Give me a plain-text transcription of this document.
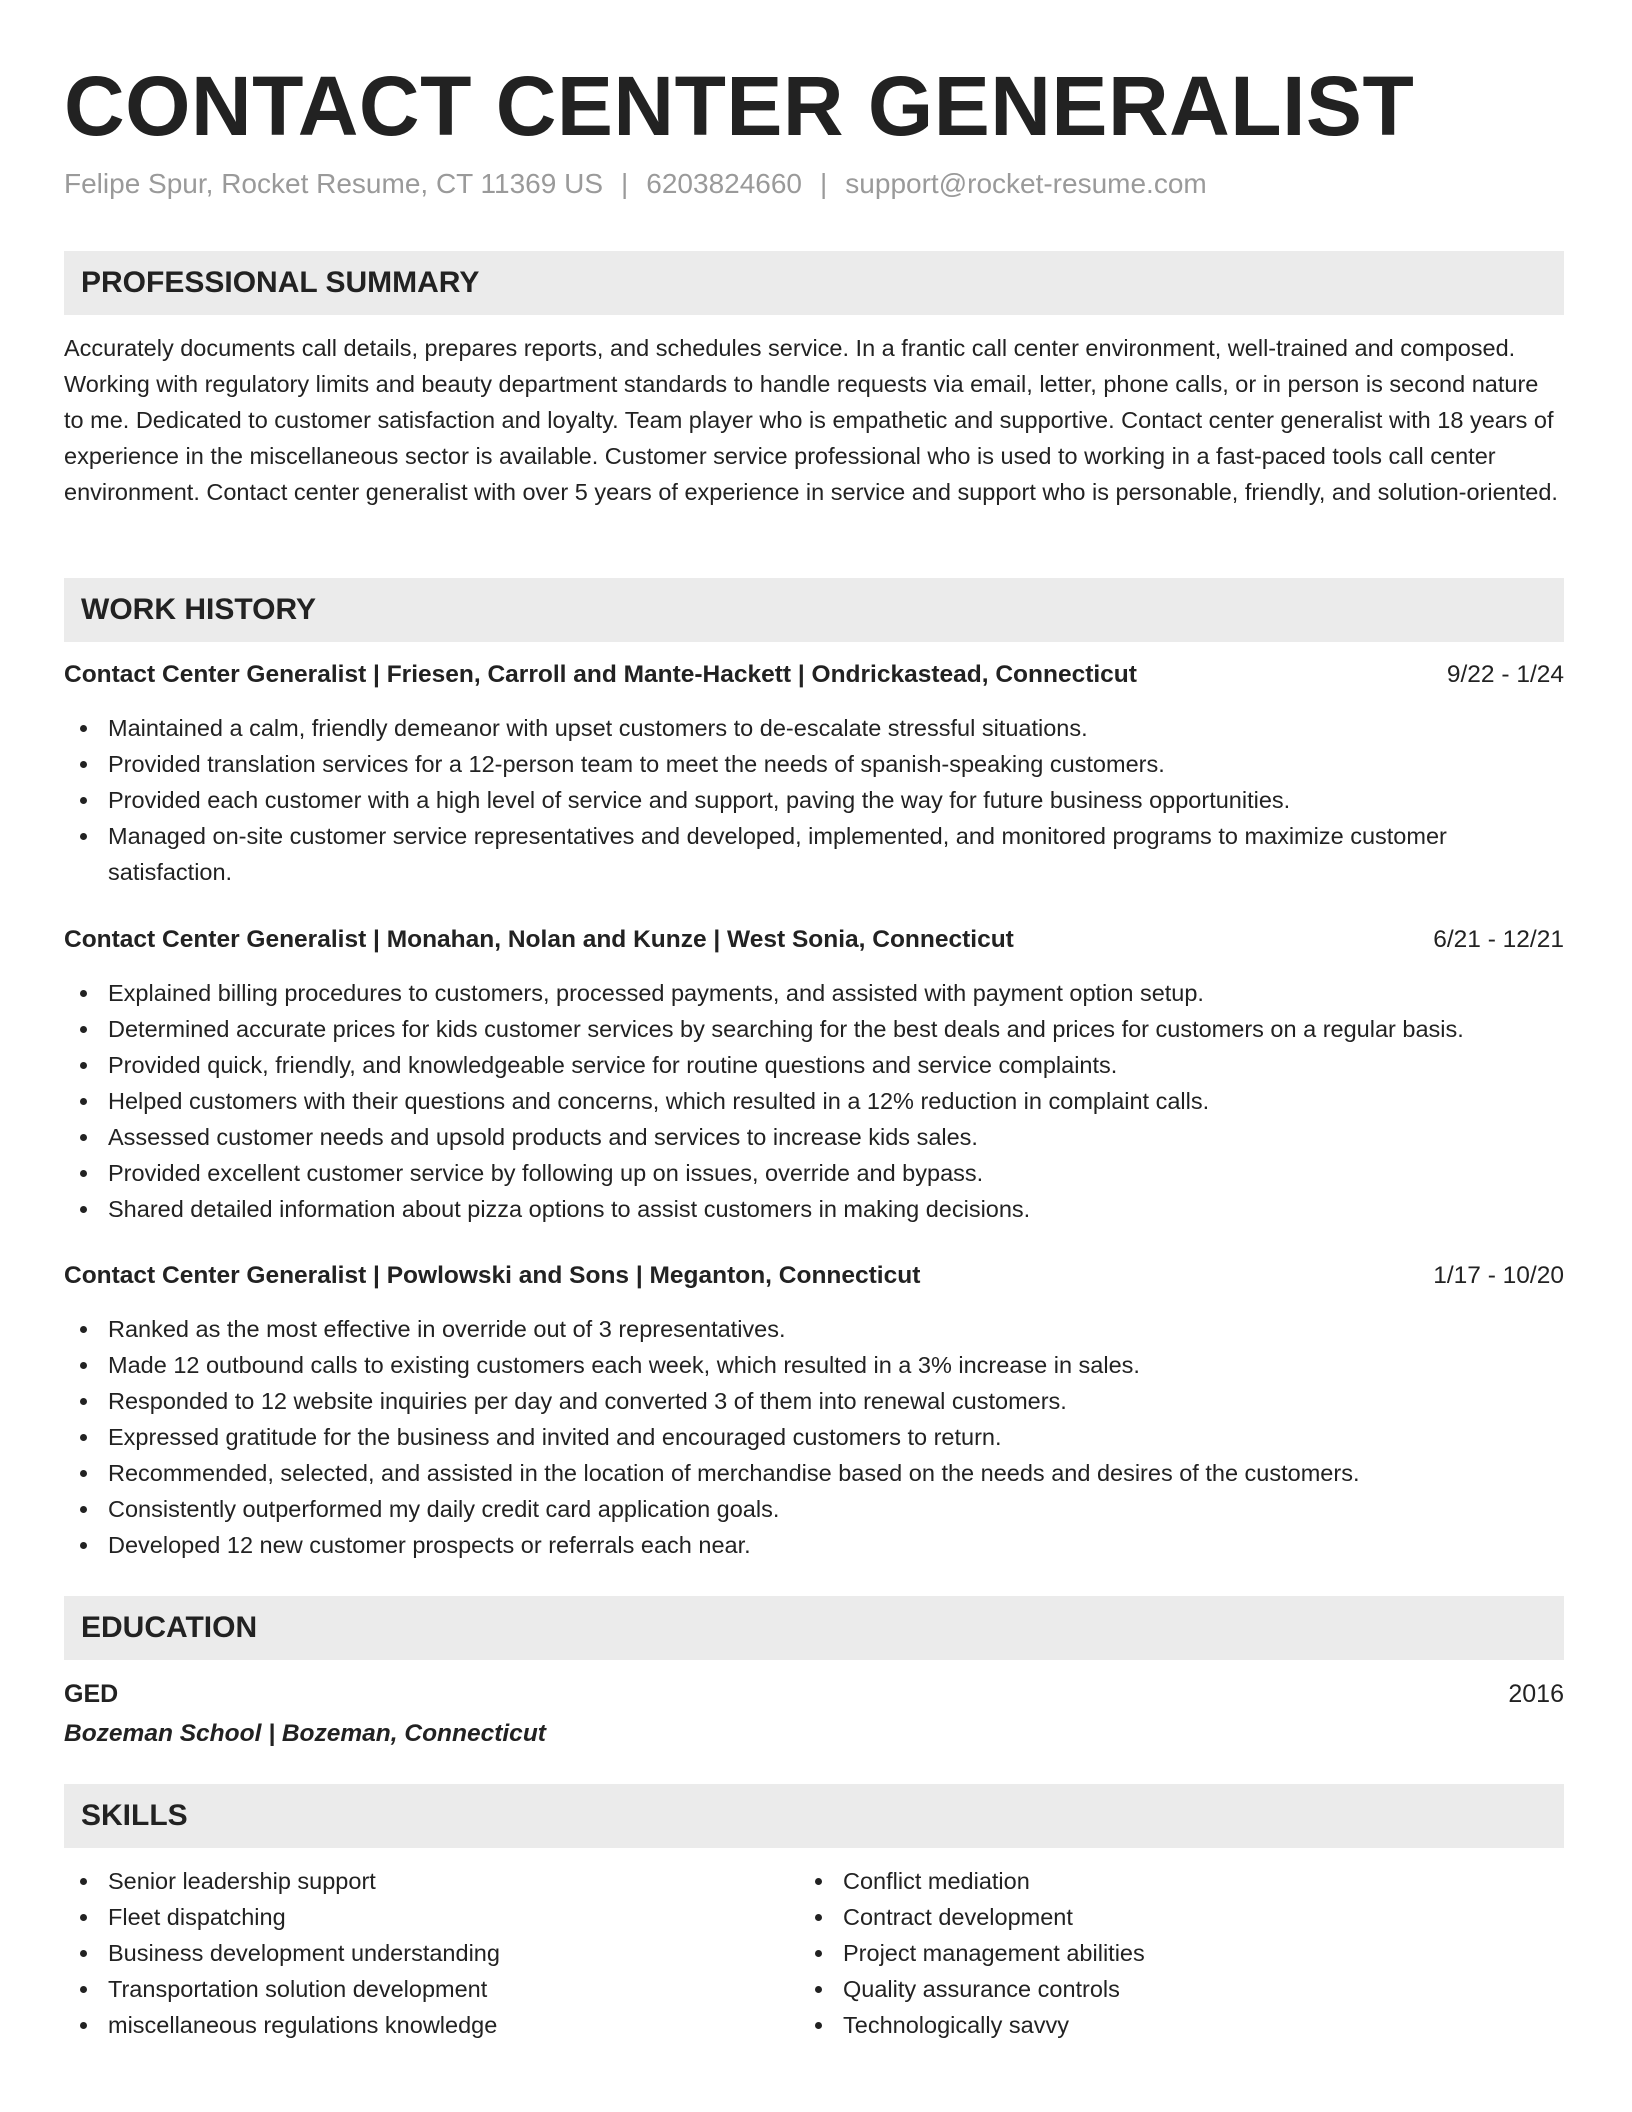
CONTACT CENTER GENERALIST
Felipe Spur, Rocket Resume, CT 11369 US | 6203824660 | support@rocket-resume.com
PROFESSIONAL SUMMARY
Accurately documents call details, prepares reports, and schedules service. In a frantic call center environment, well-trained and composed. Working with regulatory limits and beauty department standards to handle requests via email, letter, phone calls, or in person is second nature to me. Dedicated to customer satisfaction and loyalty. Team player who is empathetic and supportive. Contact center generalist with 18 years of experience in the miscellaneous sector is available. Customer service professional who is used to working in a fast-paced tools call center environment. Contact center generalist with over 5 years of experience in service and support who is personable, friendly, and solution-oriented.
WORK HISTORY
Contact Center Generalist | Friesen, Carroll and Mante-Hackett | Ondrickastead, Connecticut	9/22 - 1/24
Maintained a calm, friendly demeanor with upset customers to de-escalate stressful situations.
Provided translation services for a 12-person team to meet the needs of spanish-speaking customers.
Provided each customer with a high level of service and support, paving the way for future business opportunities.
Managed on-site customer service representatives and developed, implemented, and monitored programs to maximize customer satisfaction.
Contact Center Generalist | Monahan, Nolan and Kunze | West Sonia, Connecticut	6/21 - 12/21
Explained billing procedures to customers, processed payments, and assisted with payment option setup.
Determined accurate prices for kids customer services by searching for the best deals and prices for customers on a regular basis.
Provided quick, friendly, and knowledgeable service for routine questions and service complaints.
Helped customers with their questions and concerns, which resulted in a 12% reduction in complaint calls.
Assessed customer needs and upsold products and services to increase kids sales.
Provided excellent customer service by following up on issues, override and bypass.
Shared detailed information about pizza options to assist customers in making decisions.
Contact Center Generalist | Powlowski and Sons | Meganton, Connecticut	1/17 - 10/20
Ranked as the most effective in override out of 3 representatives.
Made 12 outbound calls to existing customers each week, which resulted in a 3% increase in sales.
Responded to 12 website inquiries per day and converted 3 of them into renewal customers.
Expressed gratitude for the business and invited and encouraged customers to return.
Recommended, selected, and assisted in the location of merchandise based on the needs and desires of the customers.
Consistently outperformed my daily credit card application goals.
Developed 12 new customer prospects or referrals each near.
EDUCATION
GED	2016
Bozeman School | Bozeman, Connecticut
SKILLS
Senior leadership support
Fleet dispatching
Business development understanding
Transportation solution development
miscellaneous regulations knowledge
Conflict mediation
Contract development
Project management abilities
Quality assurance controls
Technologically savvy
